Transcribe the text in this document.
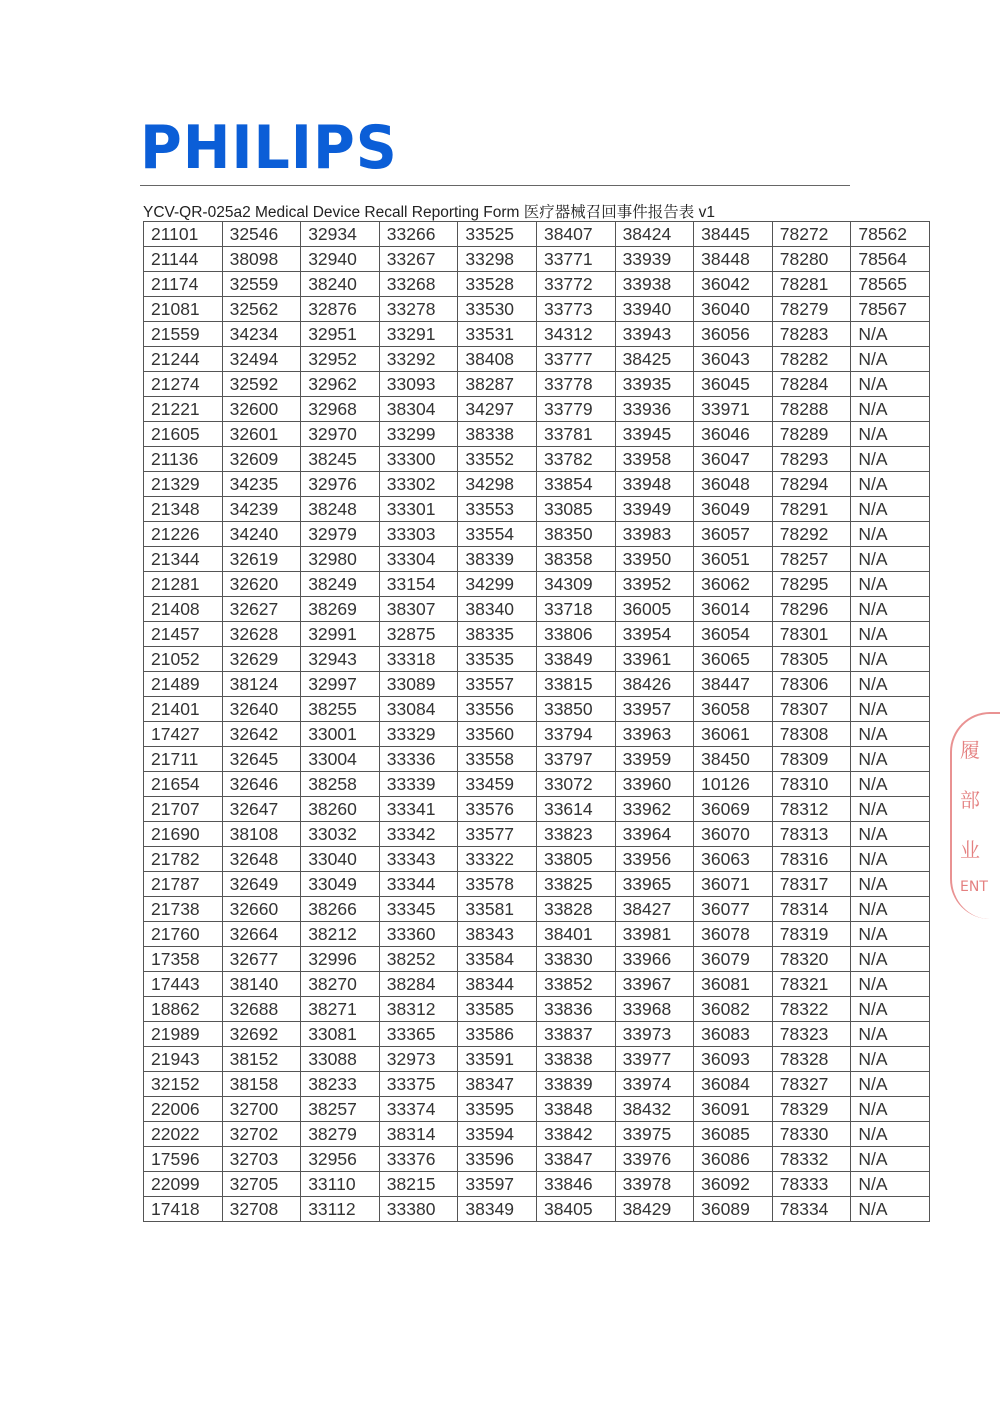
PHILIPS
YCV-QR-025a2 Medical Device Recall Reporting Form 医疗器械召回事件报告表 v1
21101	32546	32934	33266	33525	38407	38424	38445	78272	78562
21144	38098	32940	33267	33298	33771	33939	38448	78280	78564
21174	32559	38240	33268	33528	33772	33938	36042	78281	78565
21081	32562	32876	33278	33530	33773	33940	36040	78279	78567
21559	34234	32951	33291	33531	34312	33943	36056	78283	N/A
21244	32494	32952	33292	38408	33777	38425	36043	78282	N/A
21274	32592	32962	33093	38287	33778	33935	36045	78284	N/A
21221	32600	32968	38304	34297	33779	33936	33971	78288	N/A
21605	32601	32970	33299	38338	33781	33945	36046	78289	N/A
21136	32609	38245	33300	33552	33782	33958	36047	78293	N/A
21329	34235	32976	33302	34298	33854	33948	36048	78294	N/A
21348	34239	38248	33301	33553	33085	33949	36049	78291	N/A
21226	34240	32979	33303	33554	38350	33983	36057	78292	N/A
21344	32619	32980	33304	38339	38358	33950	36051	78257	N/A
21281	32620	38249	33154	34299	34309	33952	36062	78295	N/A
21408	32627	38269	38307	38340	33718	36005	36014	78296	N/A
21457	32628	32991	32875	38335	33806	33954	36054	78301	N/A
21052	32629	32943	33318	33535	33849	33961	36065	78305	N/A
21489	38124	32997	33089	33557	33815	38426	38447	78306	N/A
21401	32640	38255	33084	33556	33850	33957	36058	78307	N/A
17427	32642	33001	33329	33560	33794	33963	36061	78308	N/A
21711	32645	33004	33336	33558	33797	33959	38450	78309	N/A
21654	32646	38258	33339	33459	33072	33960	10126	78310	N/A
21707	32647	38260	33341	33576	33614	33962	36069	78312	N/A
21690	38108	33032	33342	33577	33823	33964	36070	78313	N/A
21782	32648	33040	33343	33322	33805	33956	36063	78316	N/A
21787	32649	33049	33344	33578	33825	33965	36071	78317	N/A
21738	32660	38266	33345	33581	33828	38427	36077	78314	N/A
21760	32664	38212	33360	38343	38401	33981	36078	78319	N/A
17358	32677	32996	38252	33584	33830	33966	36079	78320	N/A
17443	38140	38270	38284	38344	33852	33967	36081	78321	N/A
18862	32688	38271	38312	33585	33836	33968	36082	78322	N/A
21989	32692	33081	33365	33586	33837	33973	36083	78323	N/A
21943	38152	33088	32973	33591	33838	33977	36093	78328	N/A
32152	38158	38233	33375	38347	33839	33974	36084	78327	N/A
22006	32700	38257	33374	33595	33848	38432	36091	78329	N/A
22022	32702	38279	38314	33594	33842	33975	36085	78330	N/A
17596	32703	32956	33376	33596	33847	33976	36086	78332	N/A
22099	32705	33110	38215	33597	33846	33978	36092	78333	N/A
17418	32708	33112	33380	38349	38405	38429	36089	78334	N/A
履
部
业
ENT
